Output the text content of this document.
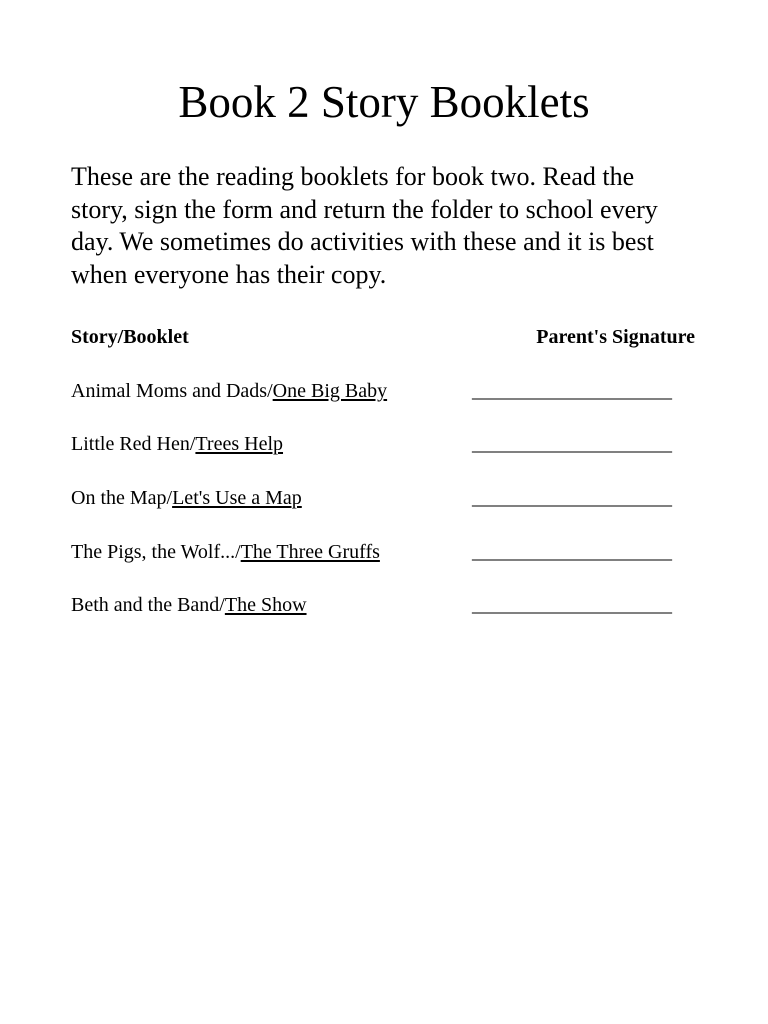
Book 2 Story Booklets

These are the reading booklets for book two. Read the
story, sign the form and return the folder to school every
day. We sometimes do activities with these and it is best
when everyone has their copy.

Story/Booklet	Parent's Signature
Animal Moms and Dads/One Big Baby	____________________
Little Red Hen/Trees Help	____________________
On the Map/Let's Use a Map	____________________
The Pigs, the Wolf.../The Three Gruffs	____________________
Beth and the Band/The Show	____________________
